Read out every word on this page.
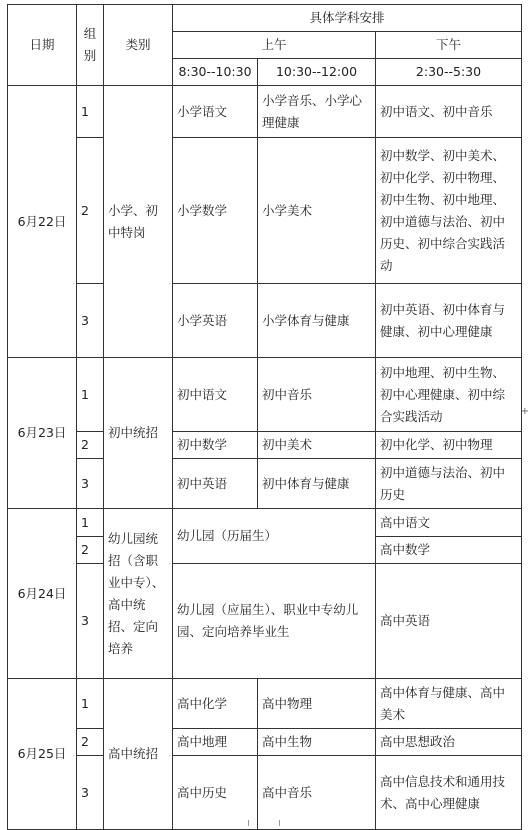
日期	组别	类别	具体学科安排		
			上午		下午
			8:30--10:30	10:30--12:00	2:30--5:30
6月22日	1	小学、初中特岗	小学语文	小学音乐、小学心理健康	初中语文、初中音乐
	2		小学数学	小学美术	初中数学、初中美术、初中化学、初中物理、初中生物、初中地理、初中道德与法治、初中历史、初中综合实践活动
	3		小学英语	小学体育与健康	初中英语、初中体育与健康、初中心理健康
6月23日	1	初中统招	初中语文	初中音乐	初中地理、初中生物、初中心理健康、初中综合实践活动
	2		初中数学	初中美术	初中化学、初中物理
	3		初中英语	初中体育与健康	初中道德与法治、初中历史
6月24日	1	幼儿园统招（含职业中专）、高中统招、定向培养	幼儿园（历届生）		高中语文
	2				高中数学
	3		幼儿园（应届生）、职业中专幼儿园、定向培养毕业生		高中英语
6月25日	1	高中统招	高中化学	高中物理	高中体育与健康、高中美术
	2		高中地理	高中生物	高中思想政治
	3		高中历史	高中音乐	高中信息技术和通用技术、高中心理健康
+
